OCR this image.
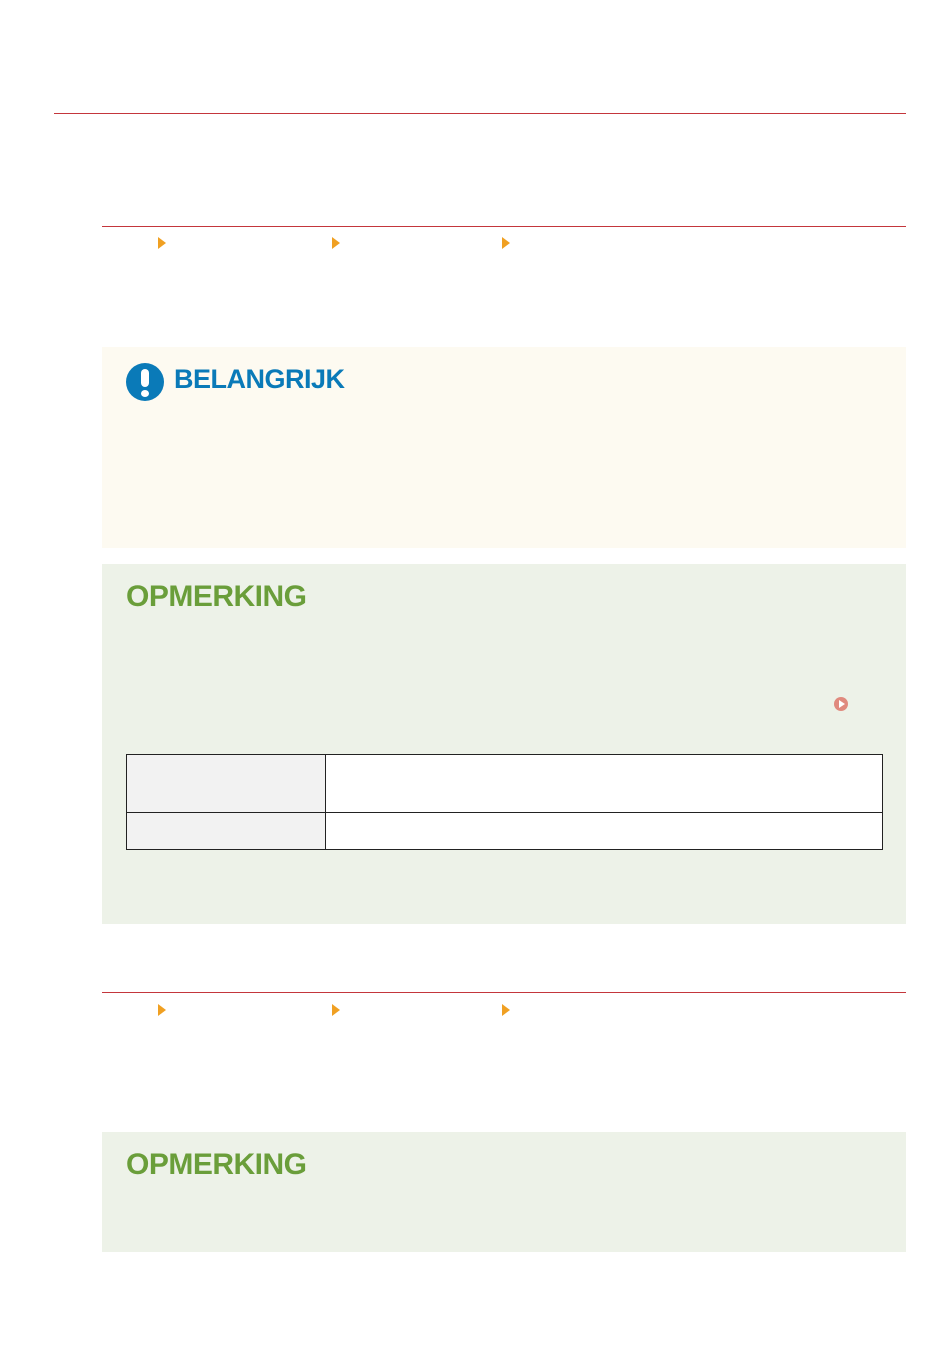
BELANGRIJK
OPMERKING

OPMERKING
